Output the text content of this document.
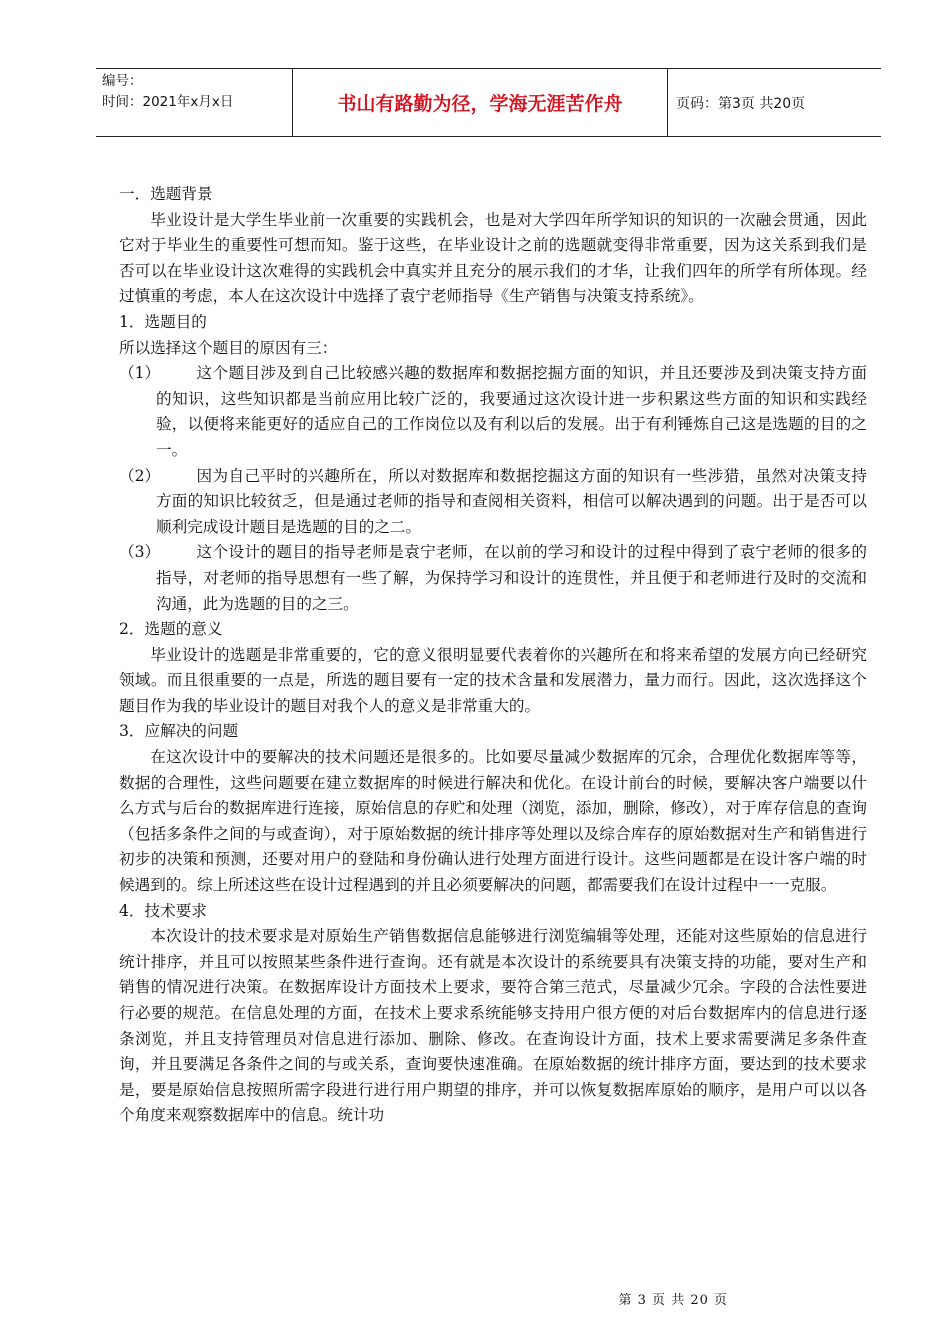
编号：
时间：2021年x月x日	书山有路勤为径，学海无涯苦作舟	页码：第3页 共20页

一．选题背景

毕业设计是大学生毕业前一次重要的实践机会，也是对大学四年所学知识的知识的一次融会贯通，因此它对于毕业生的重要性可想而知。鉴于这些，在毕业设计之前的选题就变得非常重要，因为这关系到我们是否可以在毕业设计这次难得的实践机会中真实并且充分的展示我们的才华，让我们四年的所学有所体现。经过慎重的考虑，本人在这次设计中选择了袁宁老师指导《生产销售与决策支持系统》。

1．选题目的

所以选择这个题目的原因有三：

（1）	这个题目涉及到自己比较感兴趣的数据库和数据挖掘方面的知识，并且还要涉及到决策支持方面的知识，这些知识都是当前应用比较广泛的，我要通过这次设计进一步积累这些方面的知识和实践经验，以便将来能更好的适应自己的工作岗位以及有利以后的发展。出于有利锤炼自己这是选题的目的之一。

（2）	因为自己平时的兴趣所在，所以对数据库和数据挖掘这方面的知识有一些涉猎，虽然对决策支持方面的知识比较贫乏，但是通过老师的指导和查阅相关资料，相信可以解决遇到的问题。出于是否可以顺利完成设计题目是选题的目的之二。

（3）	这个设计的题目的指导老师是袁宁老师，在以前的学习和设计的过程中得到了袁宁老师的很多的指导，对老师的指导思想有一些了解，为保持学习和设计的连贯性，并且便于和老师进行及时的交流和沟通，此为选题的目的之三。

2．选题的意义

毕业设计的选题是非常重要的，它的意义很明显要代表着你的兴趣所在和将来希望的发展方向已经研究领域。而且很重要的一点是，所选的题目要有一定的技术含量和发展潜力，量力而行。因此，这次选择这个题目作为我的毕业设计的题目对我个人的意义是非常重大的。

3．应解决的问题

在这次设计中的要解决的技术问题还是很多的。比如要尽量减少数据库的冗余，合理优化数据库等等，数据的合理性，这些问题要在建立数据库的时候进行解决和优化。在设计前台的时候，要解决客户端要以什么方式与后台的数据库进行连接，原始信息的存贮和处理（浏览，添加，删除，修改），对于库存信息的查询（包括多条件之间的与或查询），对于原始数据的统计排序等处理以及综合库存的原始数据对生产和销售进行初步的决策和预测，还要对用户的登陆和身份确认进行处理方面进行设计。这些问题都是在设计客户端的时候遇到的。综上所述这些在设计过程遇到的并且必须要解决的问题，都需要我们在设计过程中一一克服。

4．技术要求

本次设计的技术要求是对原始生产销售数据信息能够进行浏览编辑等处理，还能对这些原始的信息进行统计排序，并且可以按照某些条件进行查询。还有就是本次设计的系统要具有决策支持的功能，要对生产和销售的情况进行决策。在数据库设计方面技术上要求，要符合第三范式，尽量减少冗余。字段的合法性要进行必要的规范。在信息处理的方面，在技术上要求系统能够支持用户很方便的对后台数据库内的信息进行逐条浏览，并且支持管理员对信息进行添加、删除、修改。在查询设计方面，技术上要求需要满足多条件查询，并且要满足各条件之间的与或关系，查询要快速准确。在原始数据的统计排序方面，要达到的技术要求是，要是原始信息按照所需字段进行进行用户期望的排序，并可以恢复数据库原始的顺序，是用户可以以各个角度来观察数据库中的信息。统计功

第 3 页 共 20 页
